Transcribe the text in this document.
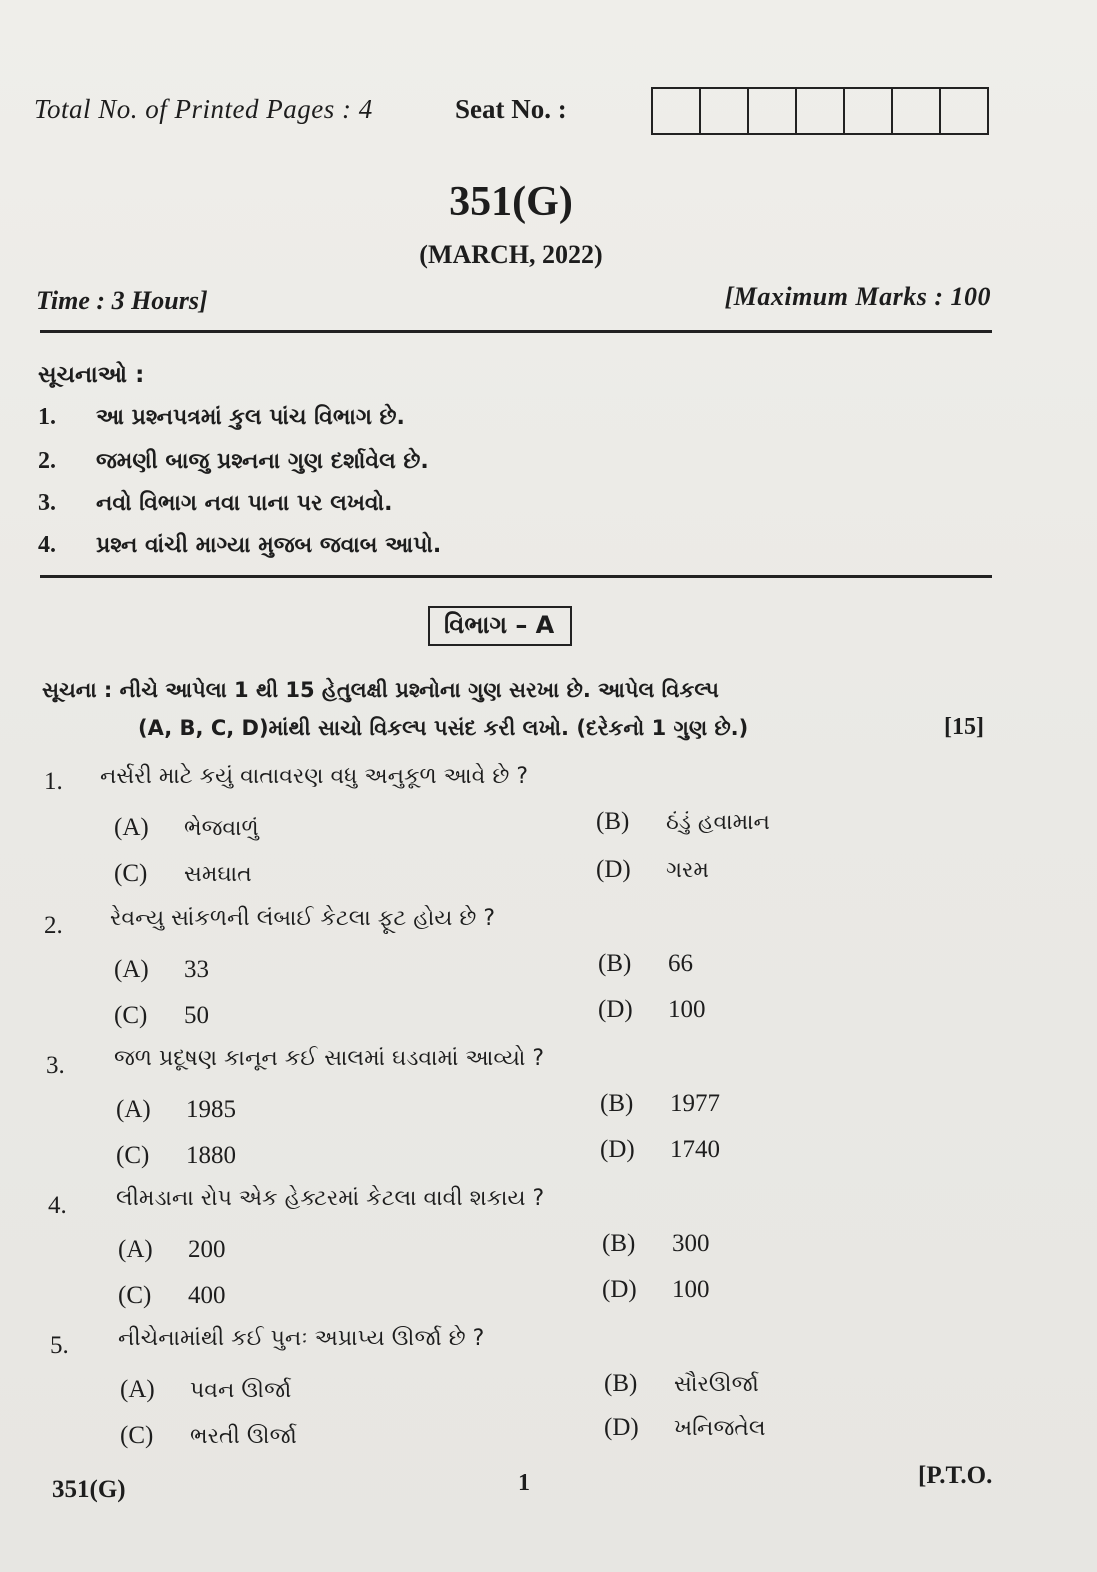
Total No. of Printed Pages : 4	Seat No. :
351(G)
(MARCH, 2022)
Time : 3 Hours]	[Maximum Marks : 100
સૂચનાઓ :
1. આ પ્રશ્નપત્રમાં કુલ પાંચ વિભાગ છે.
2. જમણી બાજુ પ્રશ્નના ગુણ દર્શાવેલ છે.
3. નવો વિભાગ નવા પાના પર લખવો.
4. પ્રશ્ન વાંચી માગ્યા મુજબ જવાબ આપો.
વિભાગ – A
સૂચના : નીચે આપેલા 1 થી 15 હેતુલક્ષી પ્રશ્નોના ગુણ સરખા છે. આપેલ વિકલ્પ
(A, B, C, D)માંથી સાચો વિકલ્પ પસંદ કરી લખો. (દરેકનો 1 ગુણ છે.)	[15]
1. નર્સરી માટે કયું વાતાવરણ વધુ અનુકૂળ આવે છે ?
(A) ભેજવાળું	(B) ઠંડું હવામાન
(C) સમઘાત	(D) ગરમ
2. રેવન્યુ સાંકળની લંબાઈ કેટલા ફૂટ હોય છે ?
(A) 33	(B) 66
(C) 50	(D) 100
3. જળ પ્રદૂષણ કાનૂન કઈ સાલમાં ઘડવામાં આવ્યો ?
(A) 1985	(B) 1977
(C) 1880	(D) 1740
4. લીમડાના રોપ એક હેક્ટરમાં કેટલા વાવી શકાય ?
(A) 200	(B) 300
(C) 400	(D) 100
5. નીચેનામાંથી કઈ પુનઃ અપ્રાપ્ય ઊર્જા છે ?
(A) પવન ઊર્જા	(B) સૌરઊર્જા
(C) ભરતી ઊર્જા	(D) ખનિજતેલ
351(G)	1	[P.T.O.
